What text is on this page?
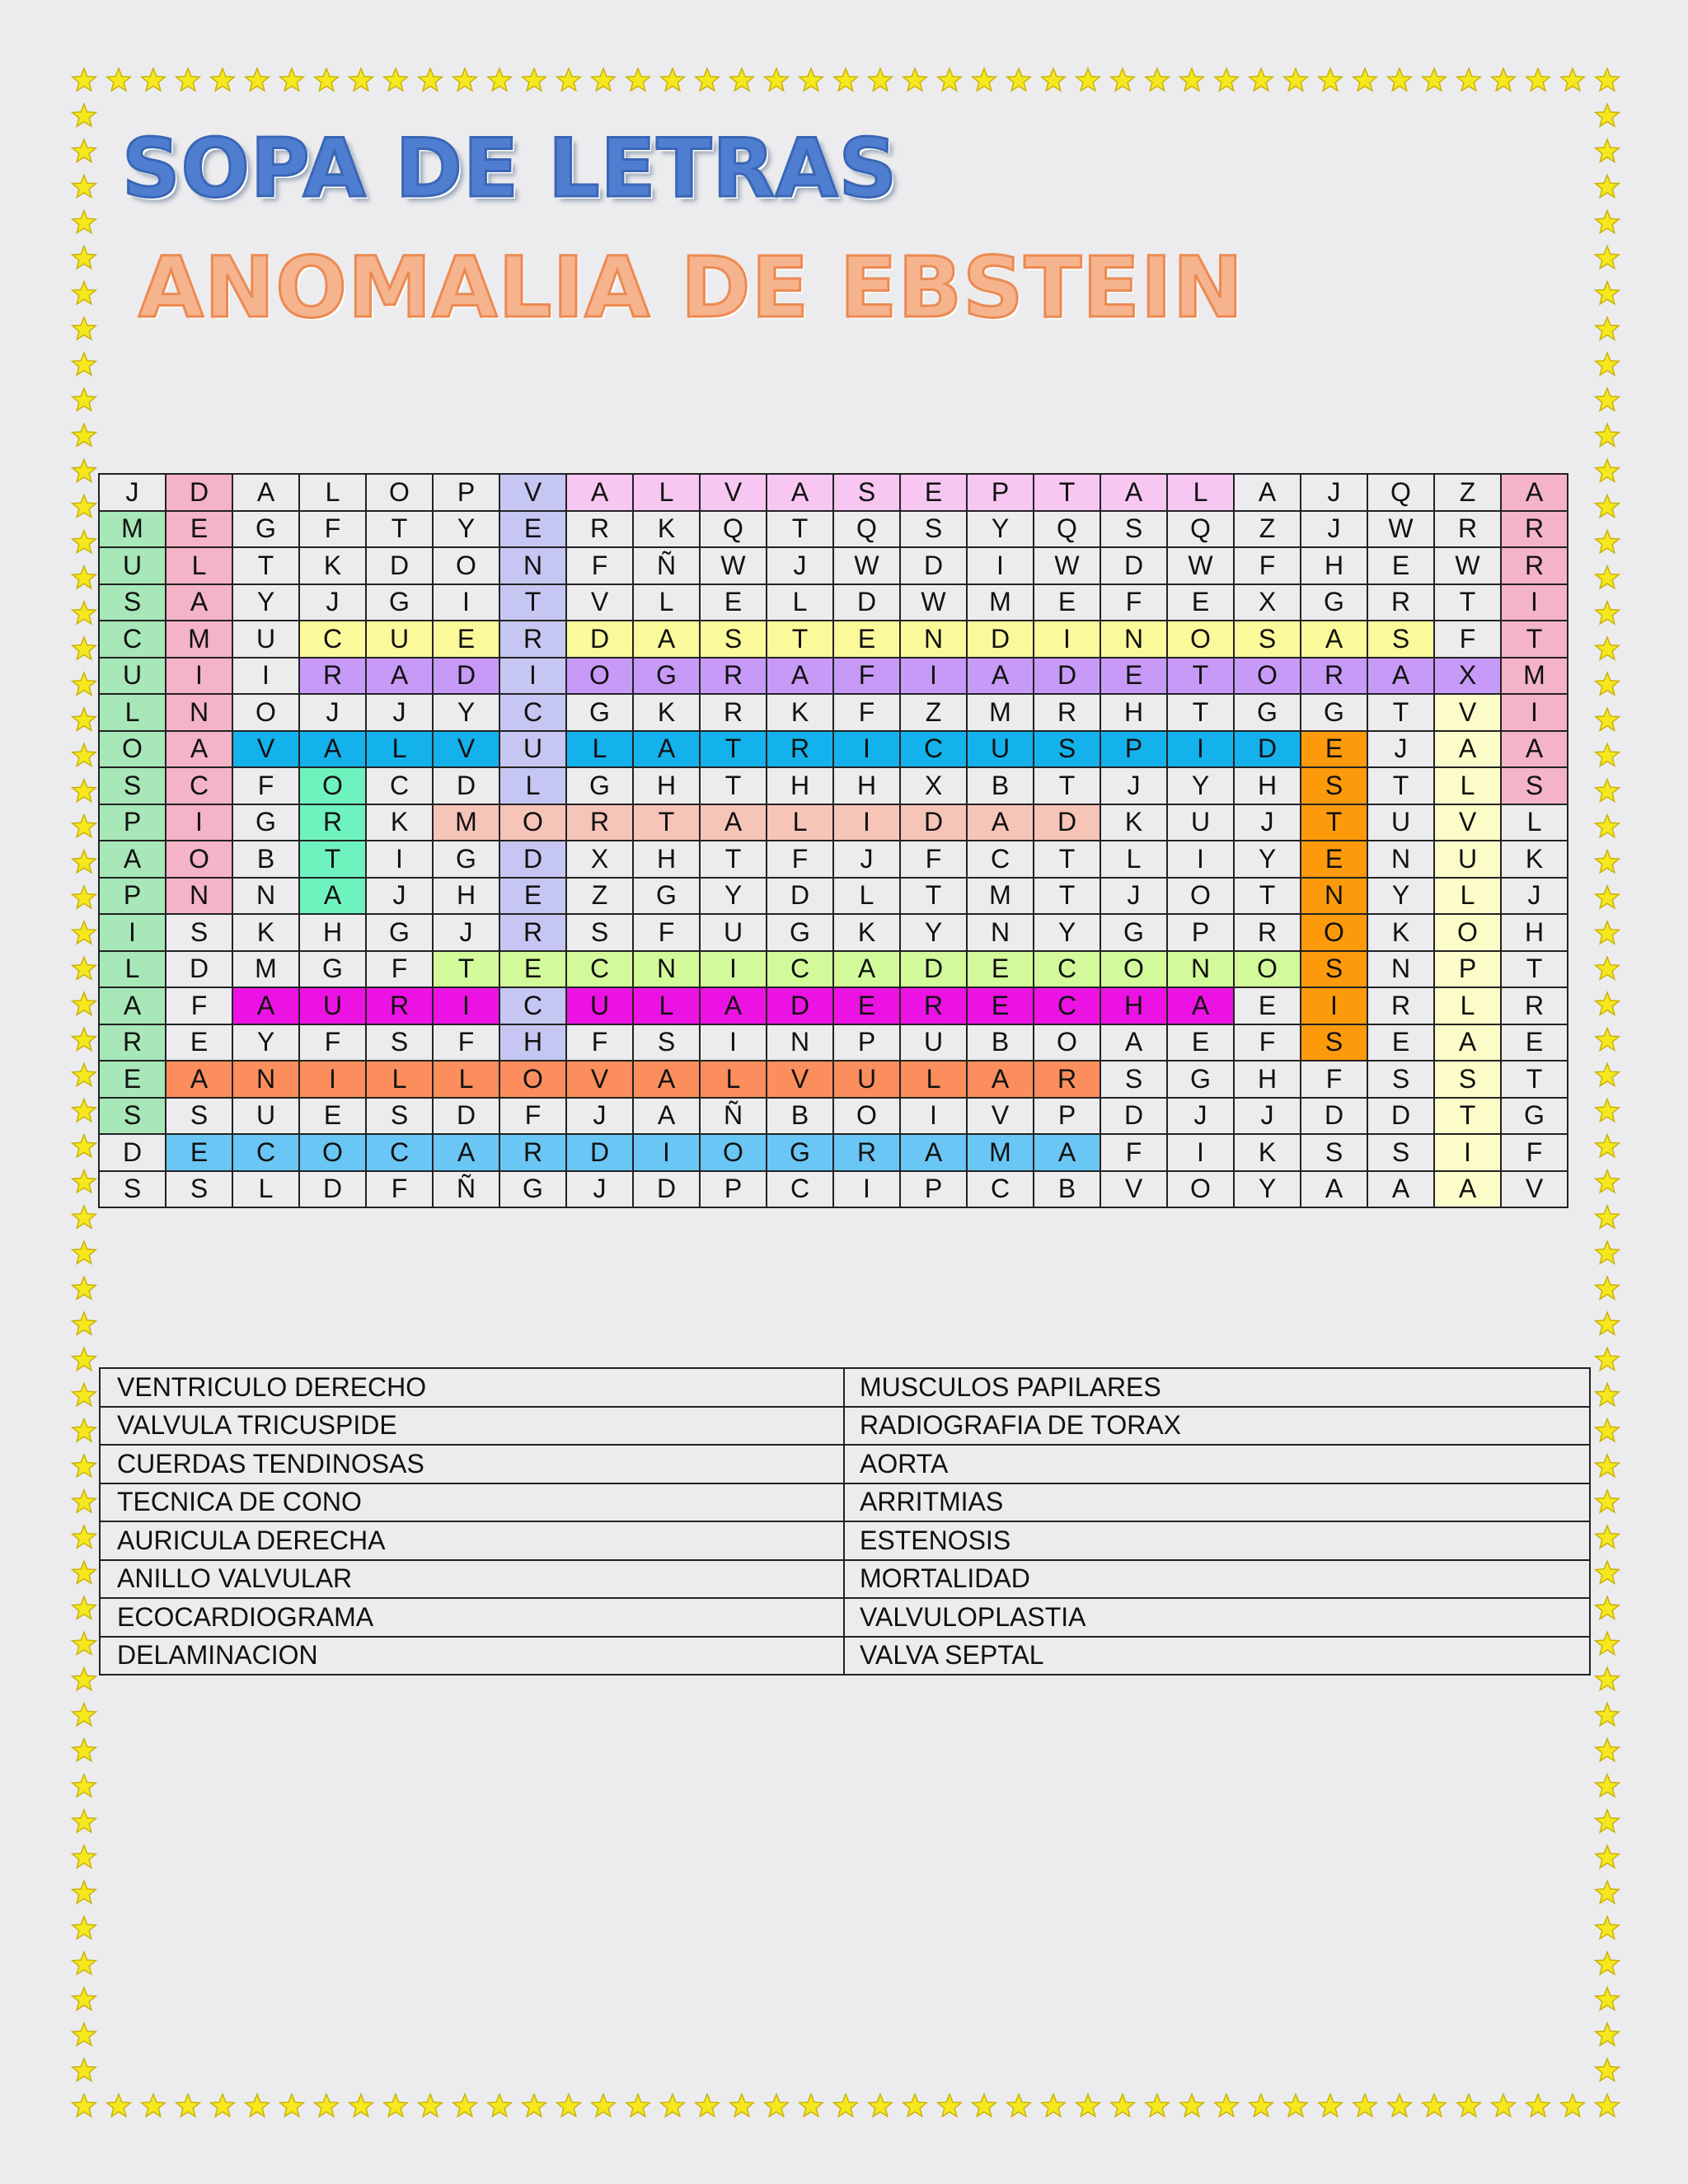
SOPA DE LETRAS
ANOMALIA DE EBSTEIN
J	D	A	L	O	P	V	A	L	V	A	S	E	P	T	A	L	A	J	Q	Z	A
M	E	G	F	T	Y	E	R	K	Q	T	Q	S	Y	Q	S	Q	Z	J	W	R	R
U	L	T	K	D	O	N	F	Ñ	W	J	W	D	I	W	D	W	F	H	E	W	R
S	A	Y	J	G	I	T	V	L	E	L	D	W	M	E	F	E	X	G	R	T	I
C	M	U	C	U	E	R	D	A	S	T	E	N	D	I	N	O	S	A	S	F	T
U	I	I	R	A	D	I	O	G	R	A	F	I	A	D	E	T	O	R	A	X	M
L	N	O	J	J	Y	C	G	K	R	K	F	Z	M	R	H	T	G	G	T	V	I
O	A	V	A	L	V	U	L	A	T	R	I	C	U	S	P	I	D	E	J	A	A
S	C	F	O	C	D	L	G	H	T	H	H	X	B	T	J	Y	H	S	T	L	S
P	I	G	R	K	M	O	R	T	A	L	I	D	A	D	K	U	J	T	U	V	L
A	O	B	T	I	G	D	X	H	T	F	J	F	C	T	L	I	Y	E	N	U	K
P	N	N	A	J	H	E	Z	G	Y	D	L	T	M	T	J	O	T	N	Y	L	J
I	S	K	H	G	J	R	S	F	U	G	K	Y	N	Y	G	P	R	O	K	O	H
L	D	M	G	F	T	E	C	N	I	C	A	D	E	C	O	N	O	S	N	P	T
A	F	A	U	R	I	C	U	L	A	D	E	R	E	C	H	A	E	I	R	L	R
R	E	Y	F	S	F	H	F	S	I	N	P	U	B	O	A	E	F	S	E	A	E
E	A	N	I	L	L	O	V	A	L	V	U	L	A	R	S	G	H	F	S	S	T
S	S	U	E	S	D	F	J	A	Ñ	B	O	I	V	P	D	J	J	D	D	T	G
D	E	C	O	C	A	R	D	I	O	G	R	A	M	A	F	I	K	S	S	I	F
S	S	L	D	F	Ñ	G	J	D	P	C	I	P	C	B	V	O	Y	A	A	A	V
VENTRICULO DERECHO	MUSCULOS PAPILARES
VALVULA TRICUSPIDE	RADIOGRAFIA DE TORAX
CUERDAS TENDINOSAS	AORTA
TECNICA DE CONO	ARRITMIAS
AURICULA DERECHA	ESTENOSIS
ANILLO VALVULAR	MORTALIDAD
ECOCARDIOGRAMA	VALVULOPLASTIA
DELAMINACION	VALVA SEPTAL
